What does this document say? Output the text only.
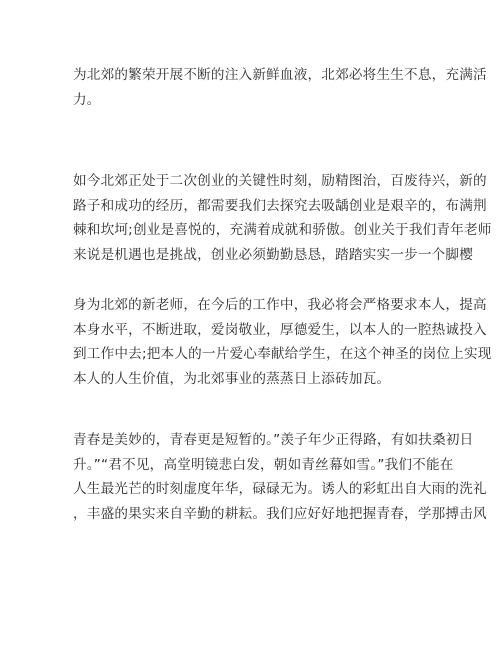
为北郊的繁荣开展不断的注入新鲜血液，北郊必将生生不息，充满活
力。

如今北郊正处于二次创业的关键性时刻，励精图治，百废待兴，新的
路子和成功的经历，都需要我们去探究去吸龋创业是艰辛的，布满荆
棘和坎坷;创业是喜悦的，充满着成就和骄傲。创业关于我们青年老师
来说是机遇也是挑战，创业必须勤勤恳恳，踏踏实实一步一个脚樱

身为北郊的新老师，在今后的工作中，我必将会严格要求本人，提高
本身水平，不断进取，爱岗敬业，厚德爱生，以本人的一腔热诚投入
到工作中去;把本人的一片爱心奉献给学生，在这个神圣的岗位上实现
本人的人生价值，为北郊事业的蒸蒸日上添砖加瓦。

青春是美妙的，青春更是短暂的。”羡子年少正得路，有如扶桑初日
升。”“君不见，高堂明镜悲白发，朝如青丝幕如雪。”我们不能在
人生最光芒的时刻虚度年华，碌碌无为。诱人的彩虹出自大雨的洗礼
，丰盛的果实来自辛勤的耕耘。我们应好好地把握青春，学那搏击风
